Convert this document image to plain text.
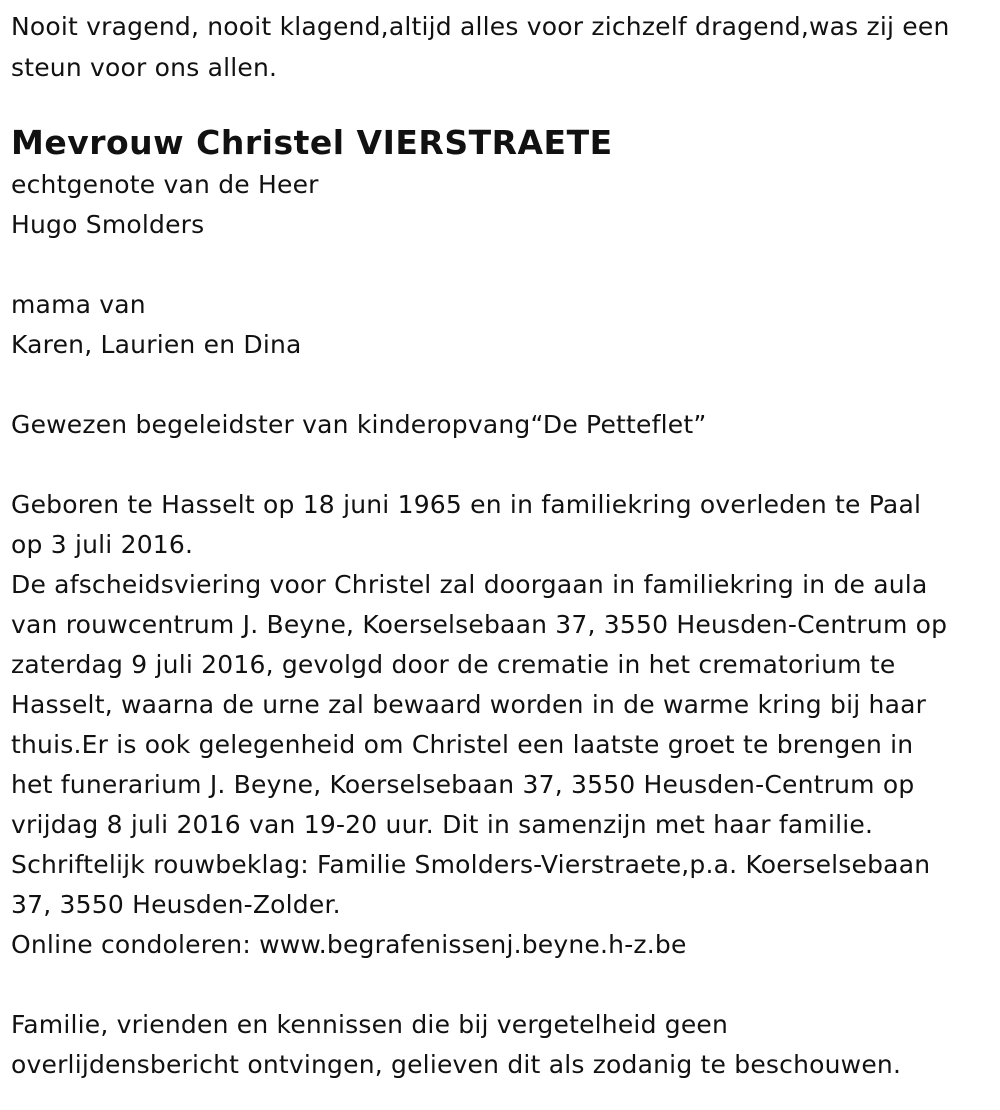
Nooit vragend, nooit klagend,altijd alles voor zichzelf dragend,was zij een
steun voor ons allen.
Mevrouw Christel VIERSTRAETE
echtgenote van de Heer
Hugo Smolders
mama van
Karen, Laurien en Dina
Gewezen begeleidster van kinderopvang“De Petteflet”
Geboren te Hasselt op 18 juni 1965 en in familiekring overleden te Paal
op 3 juli 2016.
De afscheidsviering voor Christel zal doorgaan in familiekring in de aula
van rouwcentrum J. Beyne, Koerselsebaan 37, 3550 Heusden-Centrum op
zaterdag 9 juli 2016, gevolgd door de crematie in het crematorium te
Hasselt, waarna de urne zal bewaard worden in de warme kring bij haar
thuis.Er is ook gelegenheid om Christel een laatste groet te brengen in
het funerarium J. Beyne, Koerselsebaan 37, 3550 Heusden-Centrum op
vrijdag 8 juli 2016 van 19-20 uur. Dit in samenzijn met haar familie.
Schriftelijk rouwbeklag: Familie Smolders-Vierstraete,p.a. Koerselsebaan
37, 3550 Heusden-Zolder.
Online condoleren: www.begrafenissenj.beyne.h-z.be
Familie, vrienden en kennissen die bij vergetelheid geen
overlijdensbericht ontvingen, gelieven dit als zodanig te beschouwen.
